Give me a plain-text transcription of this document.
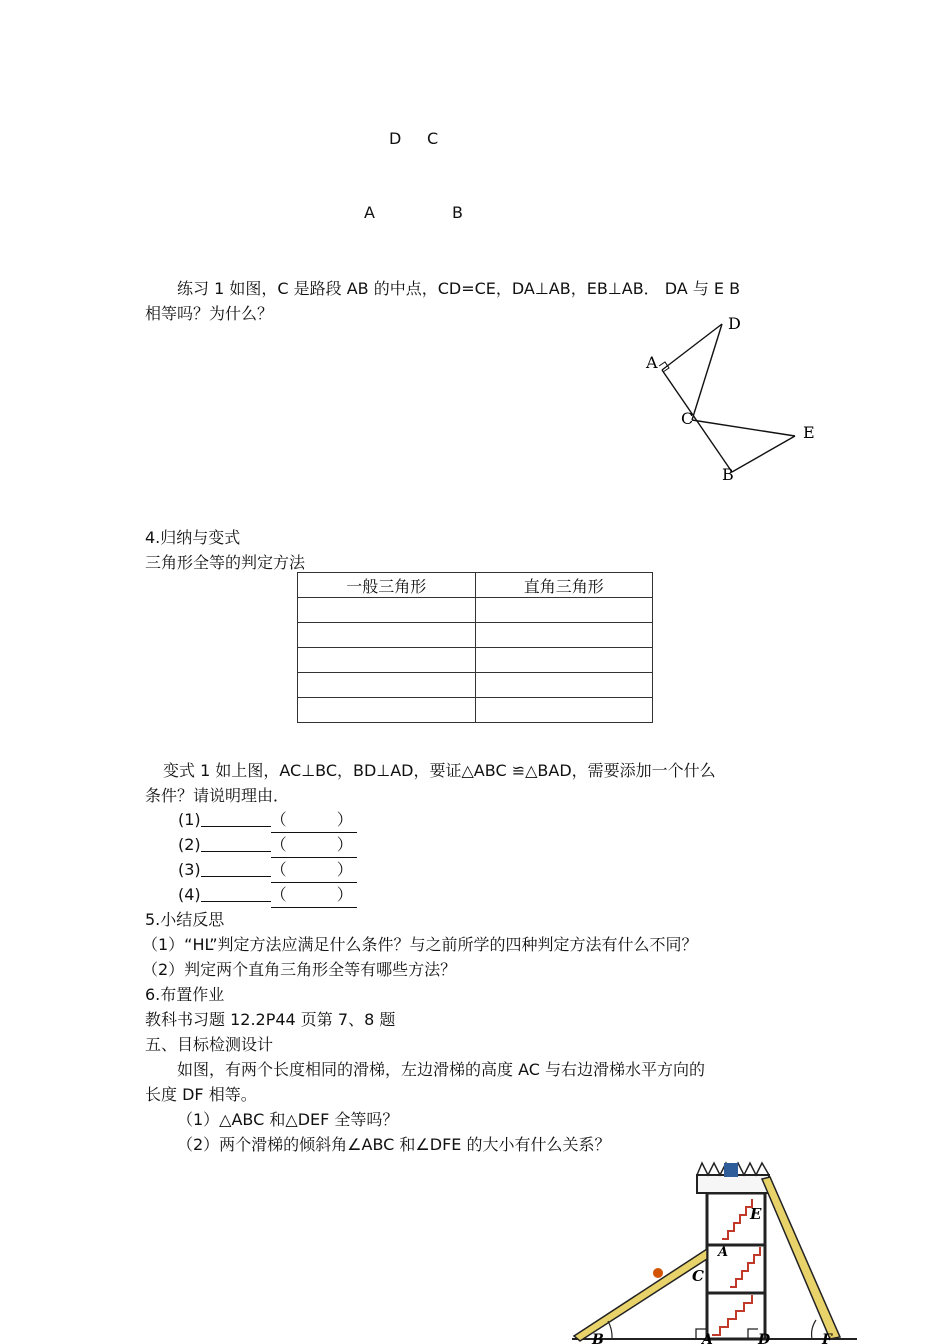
D C
A	B
练习 1 如图，C 是路段 AB 的中点，CD=CE，DA⊥AB，EB⊥AB． DA 与 E B
相等吗？为什么？
A
D
C
E
B
4.归纳与变式
三角形全等的判定方法
一般三角形	直角三角形

变式 1 如上图，AC⊥BC，BD⊥AD，要证△ABC ≌△BAD，需要添加一个什么
条件？请说明理由．
(1)	（	）
(2)	（	）
(3)	（	）
(4)	（	）
5.小结反思
（1）“HL”判定方法应满足什么条件？与之前所学的四种判定方法有什么不同？
（2）判定两个直角三角形全等有哪些方法？
6.布置作业
教科书习题 12.2P44 页第 7、8 题
五、目标检测设计
如图，有两个长度相同的滑梯，左边滑梯的高度 AC 与右边滑梯水平方向的
长度 DF 相等。
（1）△ABC 和△DEF 全等吗？
（2）两个滑梯的倾斜角∠ABC 和∠DFE 的大小有什么关系？
C
E
A
B	A	D	F
